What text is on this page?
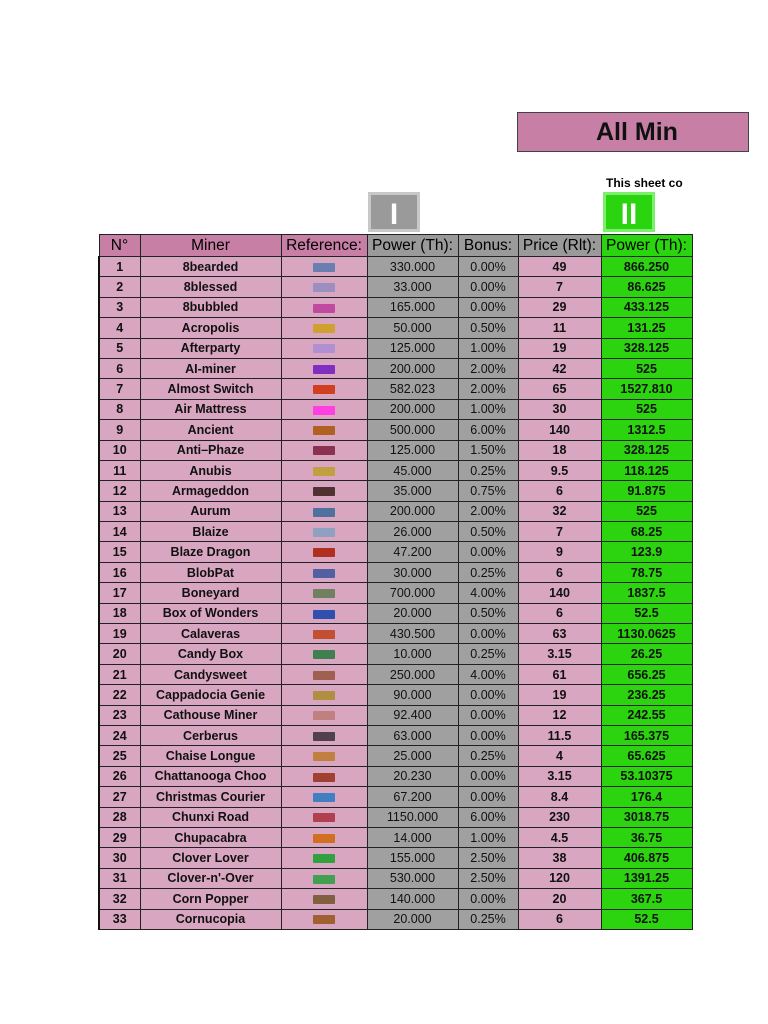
All Min
This sheet co
I	II
N°	Miner	Reference:	Power (Th):	Bonus:	Price (Rlt):	Power (Th):
1	8bearded		330.000	0.00%	49	866.250
2	8blessed		33.000	0.00%	7	86.625
3	8bubbled		165.000	0.00%	29	433.125
4	Acropolis		50.000	0.50%	11	131.25
5	Afterparty		125.000	1.00%	19	328.125
6	AI-miner		200.000	2.00%	42	525
7	Almost Switch		582.023	2.00%	65	1527.810
8	Air Mattress		200.000	1.00%	30	525
9	Ancient		500.000	6.00%	140	1312.5
10	Anti–Phaze		125.000	1.50%	18	328.125
11	Anubis		45.000	0.25%	9.5	118.125
12	Armageddon		35.000	0.75%	6	91.875
13	Aurum		200.000	2.00%	32	525
14	Blaize		26.000	0.50%	7	68.25
15	Blaze Dragon		47.200	0.00%	9	123.9
16	BlobPat		30.000	0.25%	6	78.75
17	Boneyard		700.000	4.00%	140	1837.5
18	Box of Wonders		20.000	0.50%	6	52.5
19	Calaveras		430.500	0.00%	63	1130.0625
20	Candy Box		10.000	0.25%	3.15	26.25
21	Candysweet		250.000	4.00%	61	656.25
22	Cappadocia Genie		90.000	0.00%	19	236.25
23	Cathouse Miner		92.400	0.00%	12	242.55
24	Cerberus		63.000	0.00%	11.5	165.375
25	Chaise Longue		25.000	0.25%	4	65.625
26	Chattanooga Choo		20.230	0.00%	3.15	53.10375
27	Christmas Courier		67.200	0.00%	8.4	176.4
28	Chunxi Road		1150.000	6.00%	230	3018.75
29	Chupacabra		14.000	1.00%	4.5	36.75
30	Clover Lover		155.000	2.50%	38	406.875
31	Clover-n'-Over		530.000	2.50%	120	1391.25
32	Corn Popper		140.000	0.00%	20	367.5
33	Cornucopia		20.000	0.25%	6	52.5
